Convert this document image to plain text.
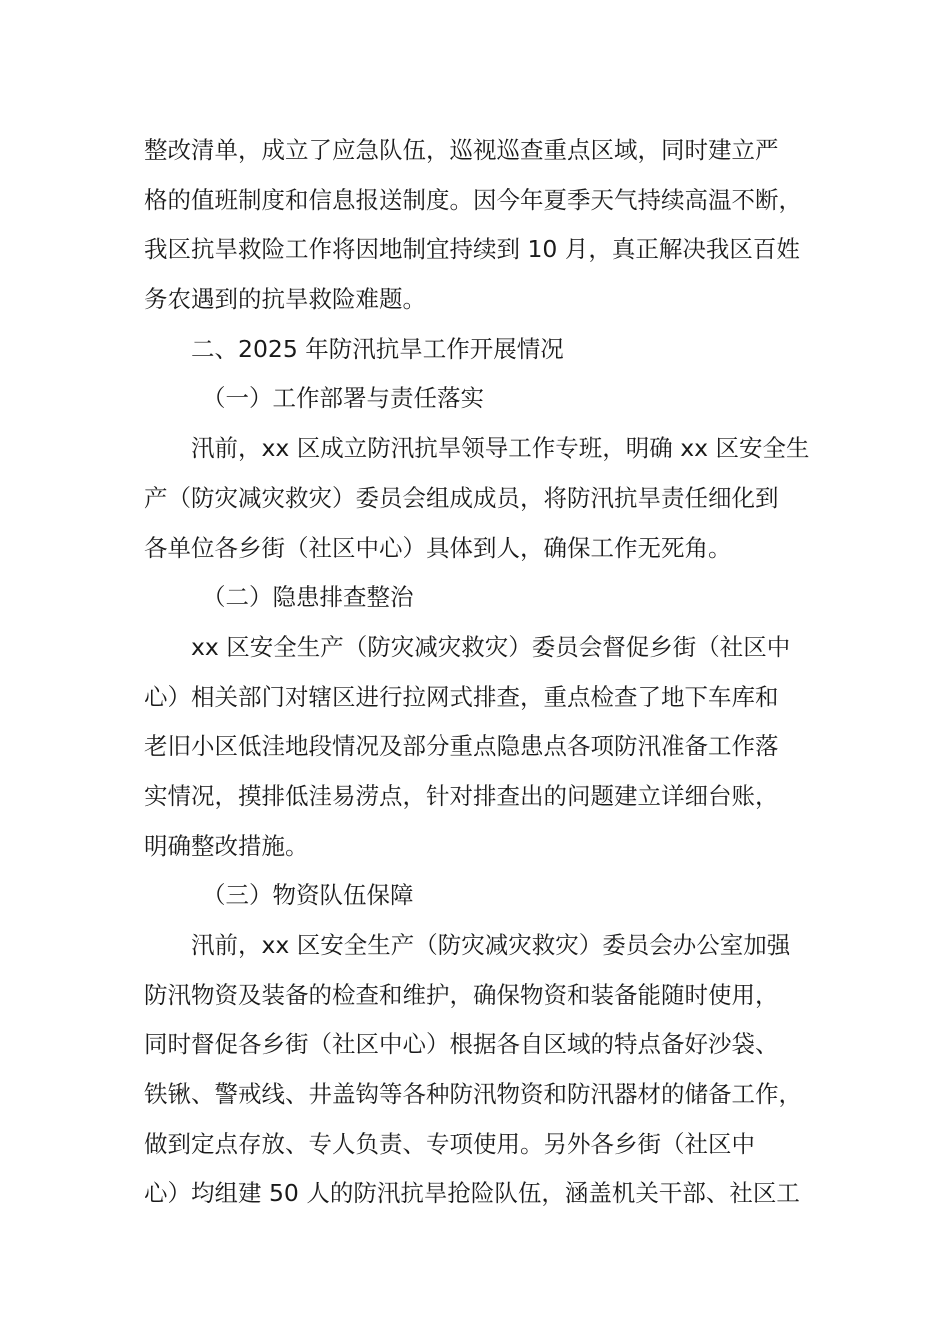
整改清单，成立了应急队伍，巡视巡查重点区域，同时建立严
格的值班制度和信息报送制度。因今年夏季天气持续高温不断，
我区抗旱救险工作将因地制宜持续到 10 月，真正解决我区百姓
务农遇到的抗旱救险难题。
二、2025 年防汛抗旱工作开展情况
（一）工作部署与责任落实
汛前，xx 区成立防汛抗旱领导工作专班，明确 xx 区安全生
产（防灾减灾救灾）委员会组成成员，将防汛抗旱责任细化到
各单位各乡街（社区中心）具体到人，确保工作无死角。
（二）隐患排查整治
xx 区安全生产（防灾减灾救灾）委员会督促乡街（社区中
心）相关部门对辖区进行拉网式排查，重点检查了地下车库和
老旧小区低洼地段情况及部分重点隐患点各项防汛准备工作落
实情况，摸排低洼易涝点，针对排查出的问题建立详细台账，
明确整改措施。
（三）物资队伍保障
汛前，xx 区安全生产（防灾减灾救灾）委员会办公室加强
防汛物资及装备的检查和维护，确保物资和装备能随时使用，
同时督促各乡街（社区中心）根据各自区域的特点备好沙袋、
铁锹、警戒线、井盖钩等各种防汛物资和防汛器材的储备工作，
做到定点存放、专人负责、专项使用。另外各乡街（社区中
心）均组建 50 人的防汛抗旱抢险队伍，涵盖机关干部、社区工
